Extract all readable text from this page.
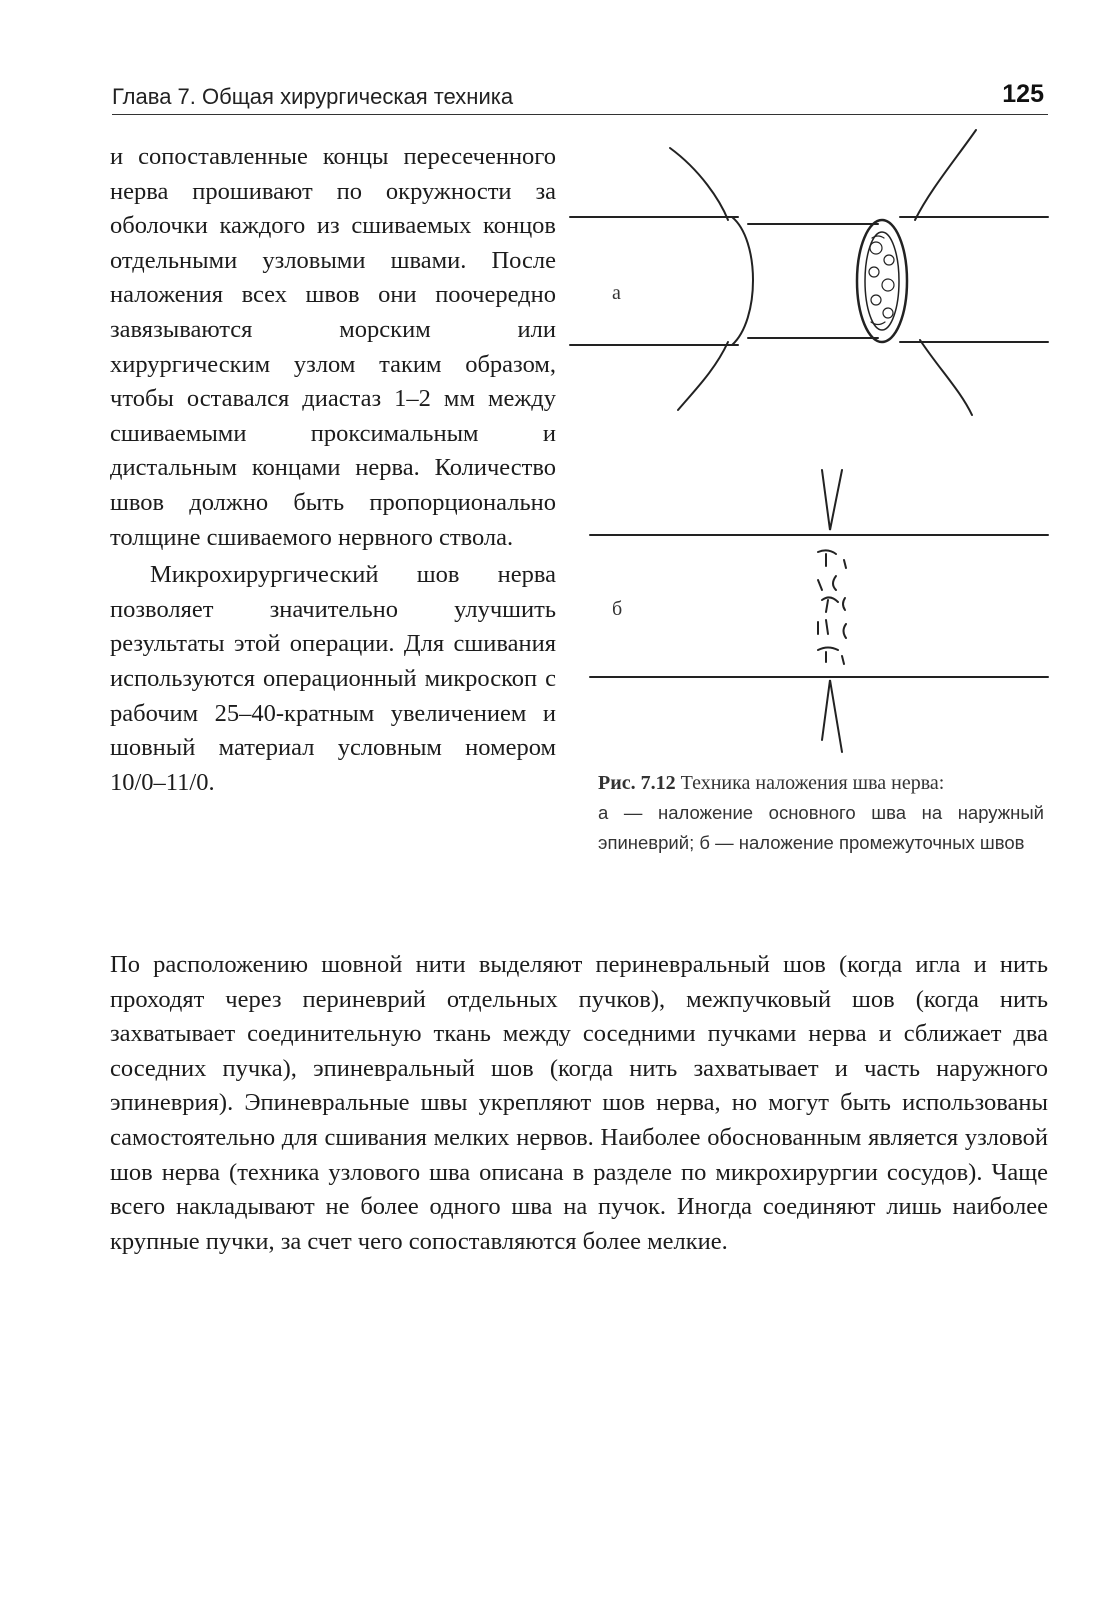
Глава 7. Общая хирургическая техника	125

и сопоставленные концы пересеченного нерва прошивают по окружности за оболочки каждого из сшиваемых концов отдельными узловыми швами. После наложения всех швов они поочередно завязываются морским или хирургическим узлом таким образом, чтобы оставался диастаз 1–2 мм между сшиваемыми проксимальным и дистальным концами нерва. Количество швов должно быть пропорционально толщине сшиваемого нервного ствола.

Микрохирургический шов нерва позволяет значительно улучшить результаты этой операции. Для сшивания используются операционный микроскоп с рабочим 25–40-кратным увеличением и шовный материал условным номером 10/0–11/0.

а
б

Рис. 7.12 Техника наложения шва нерва:

а — наложение основного шва на наружный эпиневрий; б — наложение промежуточных швов

По расположению шовной нити выделяют периневральный шов (когда игла и нить проходят через периневрий отдельных пучков), межпучковый шов (когда нить захватывает соединительную ткань между соседними пучками нерва и сближает два соседних пучка), эпиневральный шов (когда нить захватывает и часть наружного эпиневрия). Эпиневральные швы укрепляют шов нерва, но могут быть использованы самостоятельно для сшивания мелких нервов. Наиболее обоснованным является узловой шов нерва (техника узлового шва описана в разделе по микрохирургии сосудов). Чаще всего накладывают не более одного шва на пучок. Иногда соединяют лишь наиболее крупные пучки, за счет чего сопоставляются более мелкие.
